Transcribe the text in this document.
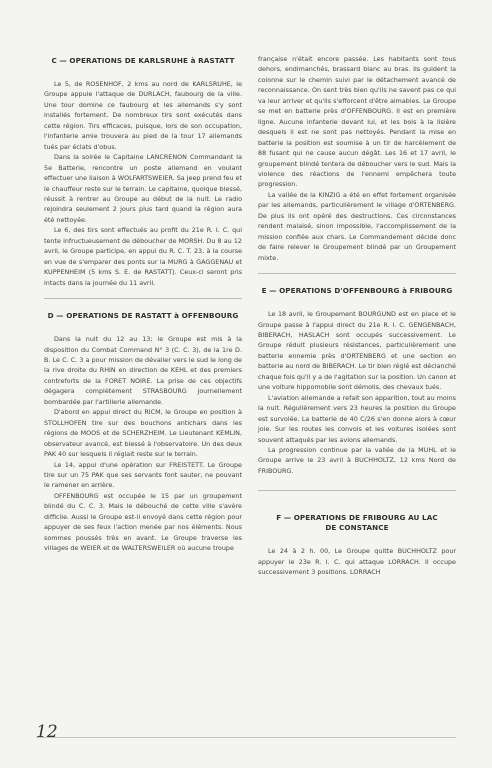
C — OPERATIONS DE KARLSRUHE à RASTATT

Le 5, de ROSENHOF, 2 kms au nord de KARLSRUHE, le Groupe appuie l'attaque de DURLACH, faubourg de la ville. Une tour domine ce faubourg et les allemands s'y sont installés fortement. De nombreux tirs sont exécutés dans cette région. Tirs efficaces, puisque, lors de son occupation, l'infanterie amie trouvera au pied de la tour 17 allemands tués par éclats d'obus.

Dans la soirée le Capitaine LANCRENON Commandant la 5e Batterie, rencontre un poste allemand en voulant effectuer une liaison à WOLFARTSWEIER. Sa jeep prend feu et le chauffeur reste sur le terrain. Le capitaine, quoique blessé, réussit à rentrer au Groupe au début de la nuit. Le radio rejoindra seulement 2 jours plus tard quand la région aura été nettoyée.

Le 6, des tirs sont effectués au profit du 21e R. I. C. qui tente infructueusement de déboucher de MORSH. Du 8 au 12 avril, le Groupe participe, en appui du R. C. T. 23, à la course en vue de s'emparer des ponts sur la MURG à GAGGENAU et KUPPENHEIM (5 kms S. E. de RASTATT). Ceux-ci seront pris intacts dans la journée du 11 avril.

D — OPERATIONS DE RASTATT à OFFENBOURG

Dans la nuit du 12 au 13; le Groupe est mis à la disposition du Combat Command N° 3 (C. C. 3), de la 1re D. B. Le C. C. 3 a pour mission de dévaller vers le sud le long de la rive droite du RHIN en direction de KEHL et des premiers contreforts de la FORET NOIRE. La prise de ces objectifs dégagera complètement STRASBOURG journellement bombardée par l'artillerie allemande.

D'abord en appui direct du RICM, le Groupe en position à STOLLHOFEN tire sur des bouchons antichars dans les régions de MOOS et de SCHERZHEIM. Le Lieutenant KEMLIN, observateur avancé, est blessé à l'observatoire. Un des deux PAK 40 sur lesquels il réglait reste sur le terrain.

Le 14, appui d'une opération sur FREISTETT. Le Groupe tire sur un 75 PAK que ses servants font sauter, ne pouvant le ramener en arrière.

OFFENBOURG est occupée le 15 par un groupement blindé du C. C. 3. Mais le débouché de cette ville s'avère difficile. Aussi le Groupe est-il envoyé dans cette région pour appuyer de ses feux l'action menée par nos éléments. Nous sommes poussés très en avant. Le Groupe traverse les villages de WEIER et de WALTERSWEILER où aucune troupe

française n'était encore passée. Les habitants sont tous dehors, endimanchés, brassard blanc au bras. Ils guident la colonne sur le chemin suivi par le détachement avancé de reconnaissance. On sent très bien qu'ils ne savent pas ce qui va leur arriver et qu'ils s'efforcent d'être aimables. Le Groupe se met en batterie près d'OFFENBOURG. Il est en première ligne. Aucune infanterie devant lui, et les bois à la lisière desquels il est ne sont pas nettoyés. Pendant la mise en batterie la position est soumise à un tir de harcèlement de 88 fusant qui ne cause aucun dégât. Les 16 et 17 avril, le groupement blindé tentera de déboucher vers le sud. Mais la violence des réactions de l'ennemi empêchera toute progression.

La vallée de la KINZIG a été en effet fortement organisée par les allemands, particulièrement le village d'ORTENBERG. De plus ils ont opéré des destructions. Ces circonstances rendent malaisé, sinon impossible, l'accomplissement de la mission confiée aux chars. Le Commandement décide donc de faire relever le Groupement blindé par un Groupement mixte.

E — OPERATIONS D'OFFENBOURG à FRIBOURG

Le 18 avril, le Groupement BOURGUND est en place et le Groupe passe à l'appui direct du 21e R. I. C. GENGENBACH, BIBERACH, HASLACH sont occupés successivement. Le Groupe réduit plusieurs résistances, particulièrement une batterie ennemie près d'ORTENBERG et une section en batterie au nord de BIBERACH. Le tir bien réglé est déclanché chaque fois qu'il y a de l'agitation sur la position. Un canon et une voiture hippomobile sont démolis, des chevaux tués.

L'aviation allemande a refait son apparition, tout au moins la nuit. Régulièrement vers 23 heures la position du Groupe est survolée. La batterie de 40 C/26 s'en donne alors à cœur joie. Sur les routes les convois et les voitures isolées sont souvent attaqués par les avions allemands.

La progression continue par la vallée de la MUHL et le Groupe arrive le 23 avril à BUCHHOLTZ, 12 kms Nord de FRIBOURG.

F — OPERATIONS DE FRIBOURG AU LAC DE CONSTANCE

Le 24 à 2 h. 00, Le Groupe quitte BUCHHOLTZ pour appuyer le 23e R. I. C. qui attaque LORRACH. Il occupe successivement 3 positions. LORRACH

12
